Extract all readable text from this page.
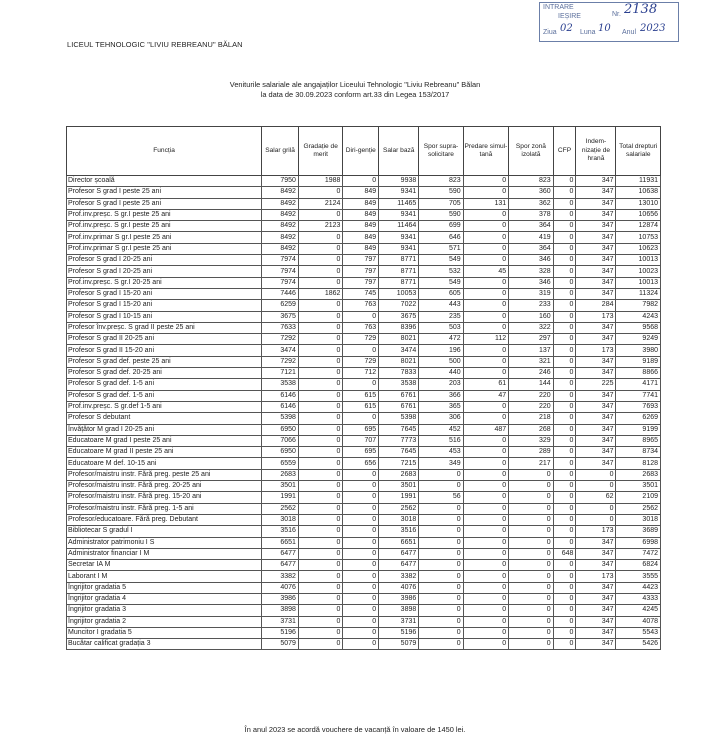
INTRARE
IEȘIRE	Nr. 2138
Ziua 02 Luna 10 Anul 2023
LICEUL TEHNOLOGIC "LIVIU REBREANU" BĂLAN
Veniturile salariale ale angajaților Liceului Tehnologic "Liviu Rebreanu" Bălan
la data de 30.09.2023 conform art.33 din Legea 153/2017
Funcția	Salar grilă	Gradație de merit	Diri-genție	Salar bază	Spor supra-solicitare	Predare simul-tană	Spor zonă izolată	CFP	Indem-nizație de hrană	Total drepturi salariale
Director școală	7950	1988	0	9938	823	0	823	0	347	11931
Profesor S grad I peste 25 ani	8492	0	849	9341	590	0	360	0	347	10638
Profesor S grad I peste 25 ani	8492	2124	849	11465	705	131	362	0	347	13010
Prof.inv.preșc. S gr.I peste 25 ani	8492	0	849	9341	590	0	378	0	347	10656
Prof.inv.preșc. S gr.I peste 25 ani	8492	2123	849	11464	699	0	364	0	347	12874
Prof.inv.primar S gr.I peste 25 ani	8492	0	849	9341	646	0	419	0	347	10753
Prof.inv.primar S gr.I peste 25 ani	8492	0	849	9341	571	0	364	0	347	10623
Profesor S grad I 20-25 ani	7974	0	797	8771	549	0	346	0	347	10013
Profesor S grad I 20-25 ani	7974	0	797	8771	532	45	328	0	347	10023
Prof.inv.preșc. S gr.I 20-25 ani	7974	0	797	8771	549	0	346	0	347	10013
Profesor S grad I 15-20 ani	7446	1862	745	10053	605	0	319	0	347	11324
Profesor S grad I 15-20 ani	6259	0	763	7022	443	0	233	0	284	7982
Profesor S grad I 10-15 ani	3675	0	0	3675	235	0	160	0	173	4243
Profesor înv.preșc. S grad II peste 25 ani	7633	0	763	8396	503	0	322	0	347	9568
Profesor S grad II 20-25 ani	7292	0	729	8021	472	112	297	0	347	9249
Profesor S grad II 15-20 ani	3474	0	0	3474	196	0	137	0	173	3980
Profesor S grad def. peste 25 ani	7292	0	729	8021	500	0	321	0	347	9189
Profesor S grad def. 20-25 ani	7121	0	712	7833	440	0	246	0	347	8866
Profesor S grad def. 1-5 ani	3538	0	0	3538	203	61	144	0	225	4171
Profesor S grad def. 1-5 ani	6146	0	615	6761	366	47	220	0	347	7741
Prof.inv.preșc. S gr.def 1-5 ani	6146	0	615	6761	365	0	220	0	347	7693
Profesor S debutant	5398	0	0	5398	306	0	218	0	347	6269
Învățător M grad I 20-25 ani	6950	0	695	7645	452	487	268	0	347	9199
Educatoare M grad I peste 25 ani	7066	0	707	7773	516	0	329	0	347	8965
Educatoare M grad II peste 25 ani	6950	0	695	7645	453	0	289	0	347	8734
Educatoare M def. 10-15 ani	6559	0	656	7215	349	0	217	0	347	8128
Profesor/maistru instr. Fără preg. peste 25 ani	2683	0	0	2683	0	0	0	0	0	2683
Profesor/maistru instr. Fără preg. 20-25 ani	3501	0	0	3501	0	0	0	0	0	3501
Profesor/maistru instr. Fără preg. 15-20 ani	1991	0	0	1991	56	0	0	0	62	2109
Profesor/maistru instr. Fără preg. 1-5 ani	2562	0	0	2562	0	0	0	0	0	2562
Profesor/educatoare. Fără preg. Debutant	3018	0	0	3018	0	0	0	0	0	3018
Bibliotecar S gradul I	3516	0	0	3516	0	0	0	0	173	3689
Administrator patrimoniu I S	6651	0	0	6651	0	0	0	0	347	6998
Administrator financiar I M	6477	0	0	6477	0	0	0	648	347	7472
Secretar IA M	6477	0	0	6477	0	0	0	0	347	6824
Laborant I M	3382	0	0	3382	0	0	0	0	173	3555
Îngrijitor gradatia 5	4076	0	0	4076	0	0	0	0	347	4423
Îngrijitor gradatia 4	3986	0	0	3986	0	0	0	0	347	4333
Îngrijitor gradatia 3	3898	0	0	3898	0	0	0	0	347	4245
Îngrijitor gradatia 2	3731	0	0	3731	0	0	0	0	347	4078
Muncitor I gradatia 5	5196	0	0	5196	0	0	0	0	347	5543
Bucătar calificat gradația 3	5079	0	0	5079	0	0	0	0	347	5426
În anul 2023 se acordă vouchere de vacanță în valoare de 1450 lei.
